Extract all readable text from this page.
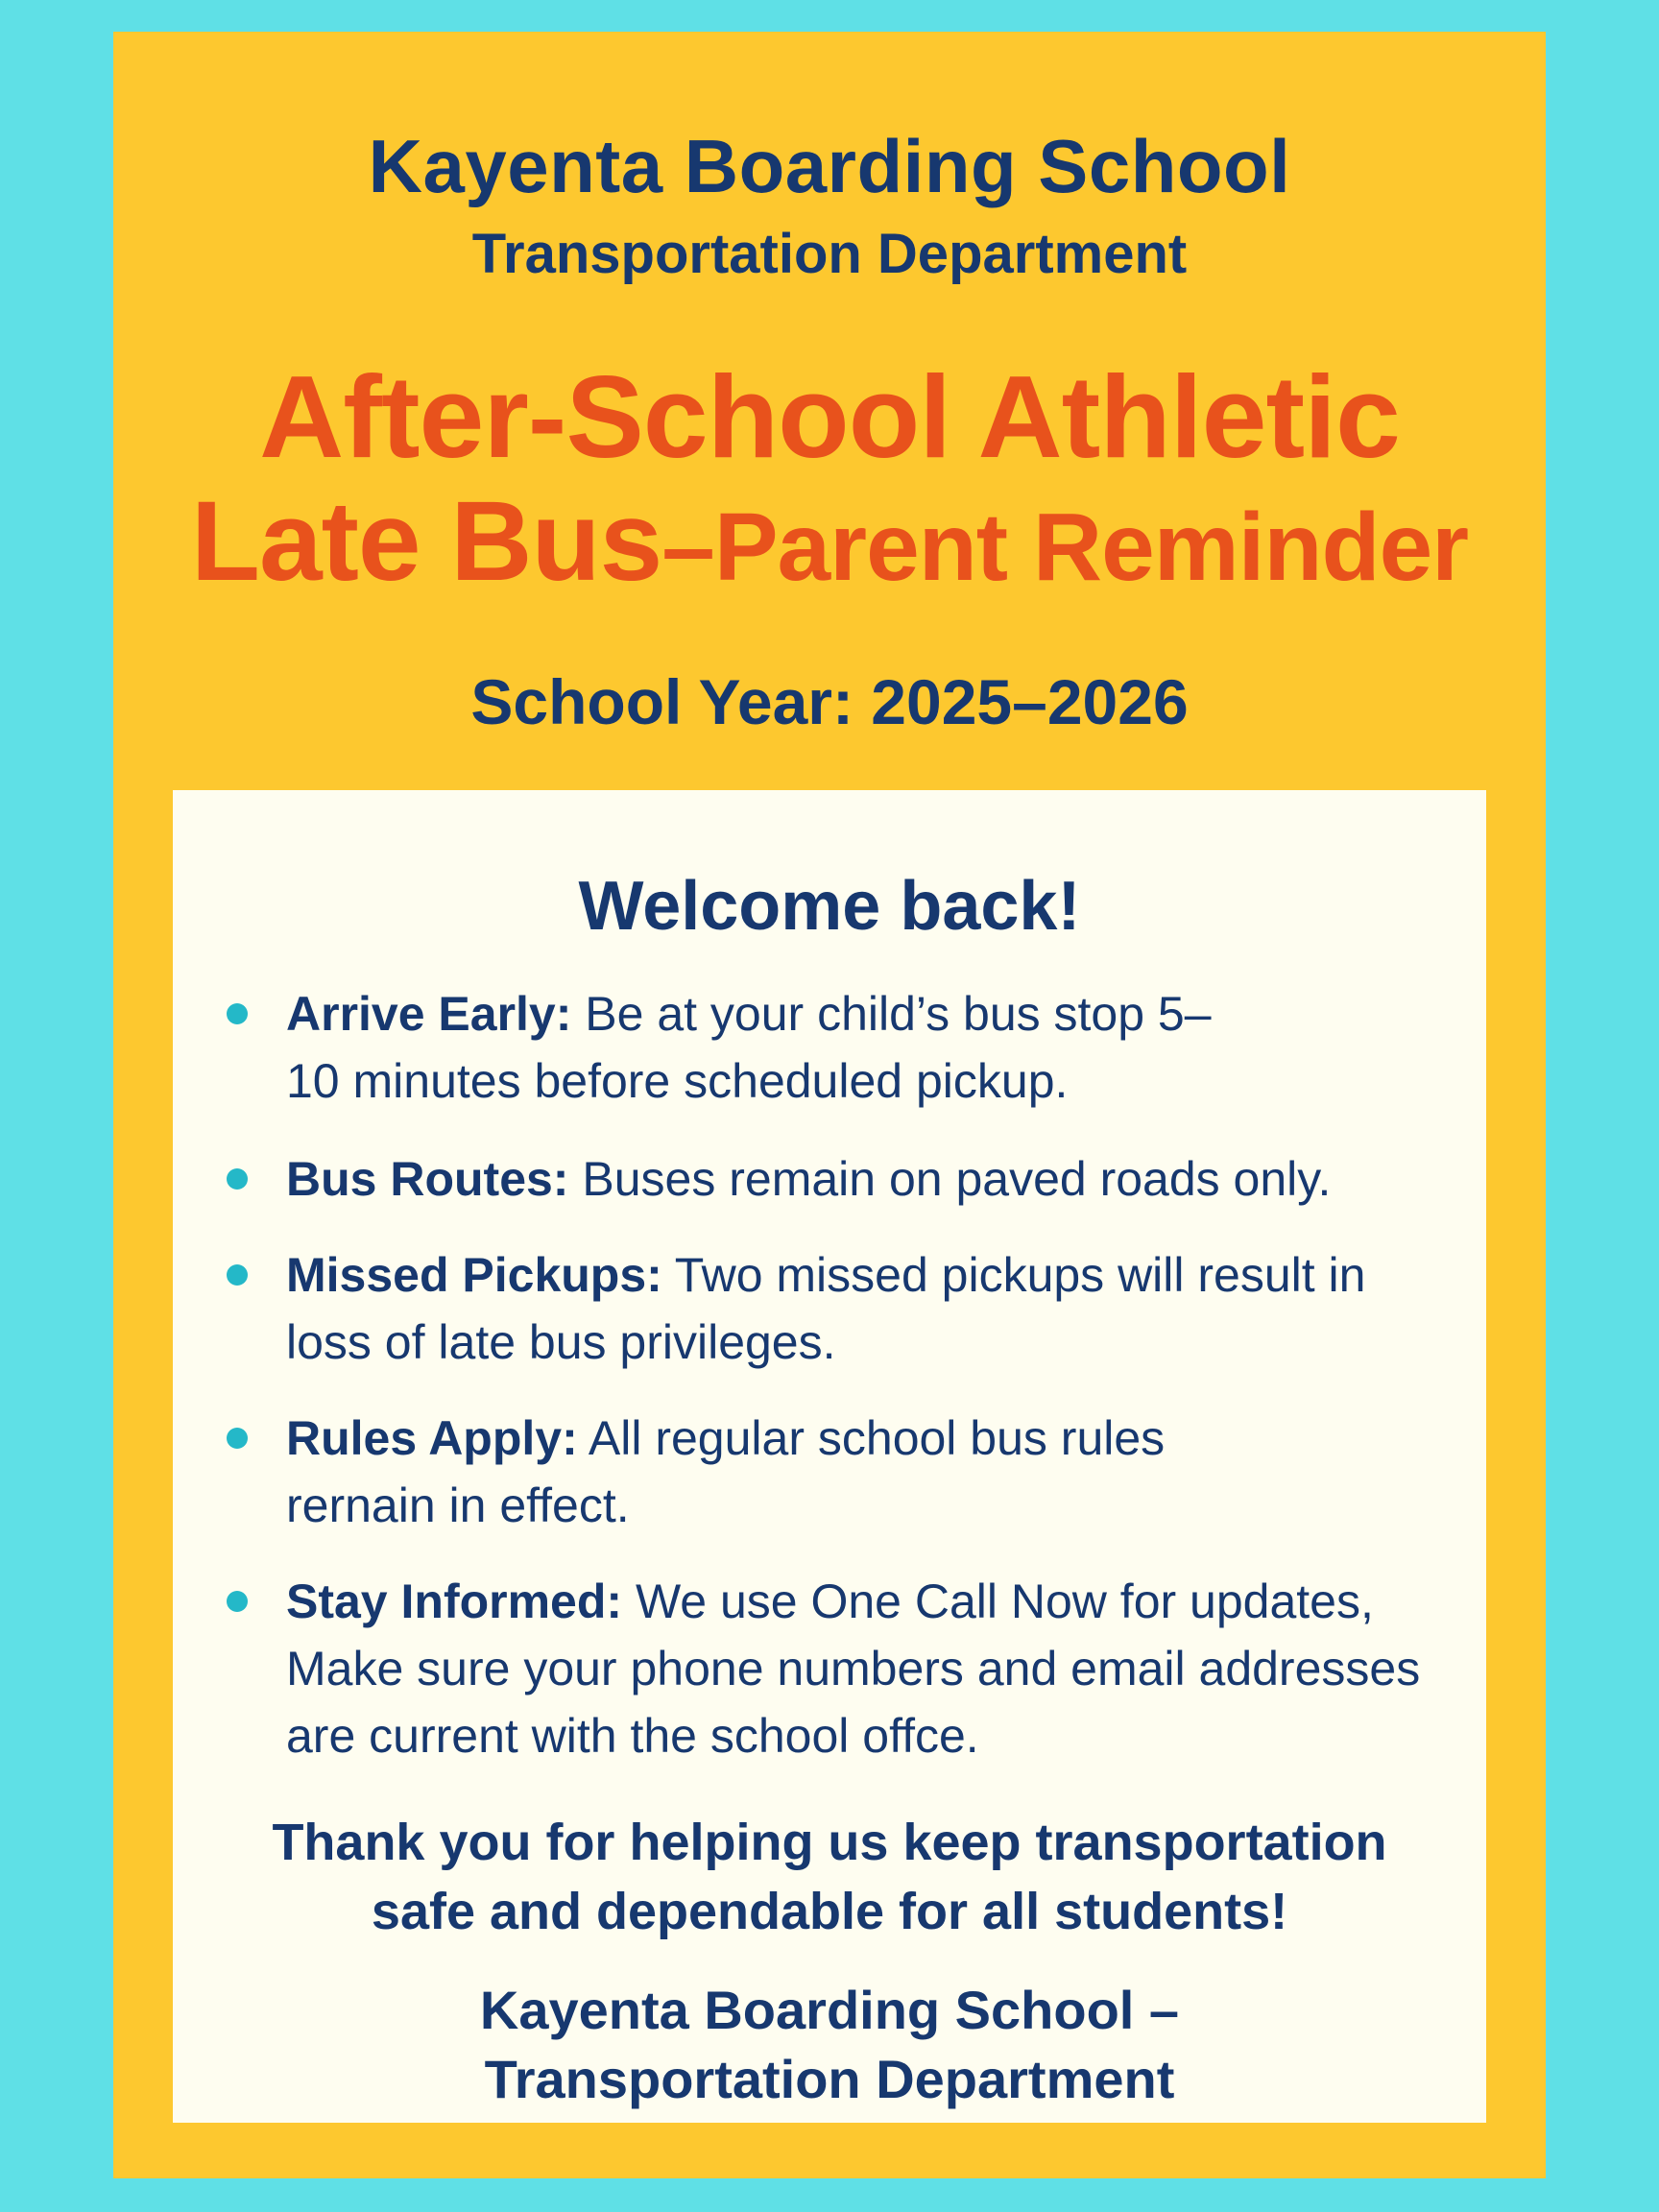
Kayenta Boarding School
Transportation Department
After-School Athletic
Late Bus–Parent Reminder
School Year: 2025–2026
Welcome back!
Arrive Early: Be at your child’s bus stop 5–10 minutes before scheduled pickup.
Bus Routes: Buses remain on paved roads only.
Missed Pickups: Two missed pickups will result in loss of late bus privileges.
Rules Apply: All regular school bus rules rernain in effect.
Stay Informed: We use One Call Now for updates, Make sure your phone numbers and email addresses are current with the school offce.

Thank you for helping us keep transportation
safe and dependable for all students!

Kayenta Boarding School –
Transportation Department
